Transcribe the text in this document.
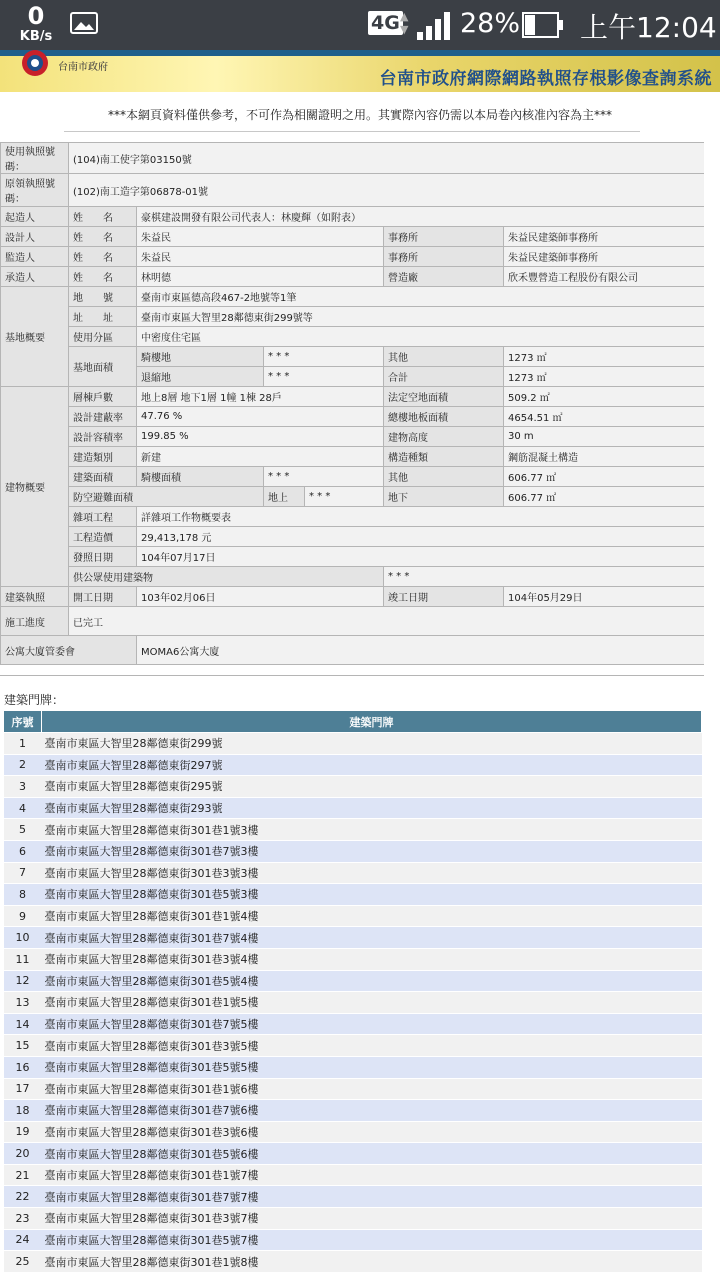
0
KB/s
4G ▲
▼ 28% 上午12:04
台南市政府
台南市政府網際網路執照存根影像查詢系統
***本網頁資料僅供參考，不可作為相關證明之用。其實際內容仍需以本局卷內核准內容為主***
使用執照號碼：	(104)南工使字第03150號					
原領執照號碼：	(102)南工造字第06878-01號					
起造人	姓　　名	豪棋建設開發有限公司代表人：林慶輝（如附表）				
設計人	姓　　名	朱益民			事務所	朱益民建築師事務所
監造人	姓　　名	朱益民			事務所	朱益民建築師事務所
承造人	姓　　名	林明德			營造廠	欣禾豐營造工程股份有限公司
基地概要	地　　號	臺南市東區德高段467-2地號等1筆				
	址　　址	臺南市東區大智里28鄰德東街299號等				
	使用分區	中密度住宅區				
	基地面積	騎樓地	* * *		其他	1273 ㎡
		退縮地	* * *		合計	1273 ㎡
建物概要	層棟戶數	地上8層 地下1層 1幢 1棟 28戶			法定空地面積	509.2 ㎡
	設計建蔽率	47.76 %			總樓地板面積	4654.51 ㎡
	設計容積率	199.85 %			建物高度	30 m
	建造類別	新建			構造種類	鋼筋混凝土構造
	建築面積	騎樓面積	* * *		其他	606.77 ㎡
	防空避難面積		地上	* * *	地下	606.77 ㎡
	雜項工程	詳雜項工作物概要表				
	工程造價	29,413,178 元				
	發照日期	104年07月17日				
	供公眾使用建築物				* * *	
建築執照	開工日期	103年02月06日			竣工日期	104年05月29日
施工進度	已完工					
公寓大廈管委會		MOMA6公寓大廈				
建築門牌：
序號	建築門牌
1	臺南市東區大智里28鄰德東街299號
2	臺南市東區大智里28鄰德東街297號
3	臺南市東區大智里28鄰德東街295號
4	臺南市東區大智里28鄰德東街293號
5	臺南市東區大智里28鄰德東街301巷1號3樓
6	臺南市東區大智里28鄰德東街301巷7號3樓
7	臺南市東區大智里28鄰德東街301巷3號3樓
8	臺南市東區大智里28鄰德東街301巷5號3樓
9	臺南市東區大智里28鄰德東街301巷1號4樓
10	臺南市東區大智里28鄰德東街301巷7號4樓
11	臺南市東區大智里28鄰德東街301巷3號4樓
12	臺南市東區大智里28鄰德東街301巷5號4樓
13	臺南市東區大智里28鄰德東街301巷1號5樓
14	臺南市東區大智里28鄰德東街301巷7號5樓
15	臺南市東區大智里28鄰德東街301巷3號5樓
16	臺南市東區大智里28鄰德東街301巷5號5樓
17	臺南市東區大智里28鄰德東街301巷1號6樓
18	臺南市東區大智里28鄰德東街301巷7號6樓
19	臺南市東區大智里28鄰德東街301巷3號6樓
20	臺南市東區大智里28鄰德東街301巷5號6樓
21	臺南市東區大智里28鄰德東街301巷1號7樓
22	臺南市東區大智里28鄰德東街301巷7號7樓
23	臺南市東區大智里28鄰德東街301巷3號7樓
24	臺南市東區大智里28鄰德東街301巷5號7樓
25	臺南市東區大智里28鄰德東街301巷1號8樓
